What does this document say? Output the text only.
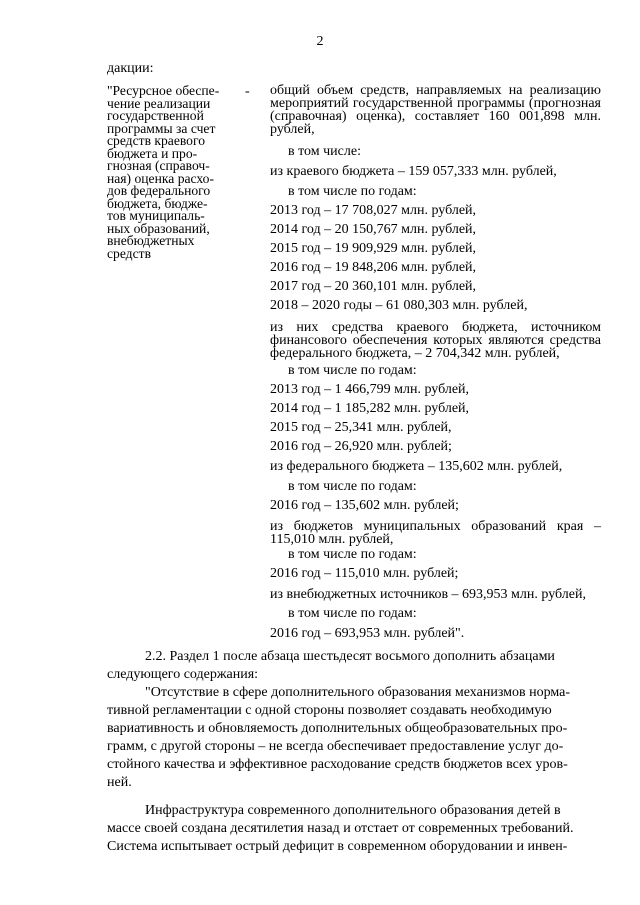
2
дакции:
"Ресурсное обеспе-
чение реализации
государственной
программы за счет
средств краевого
бюджета и про-
гнозная (справоч-
ная) оценка расхо-
дов федерального
бюджета, бюдже-
тов муниципаль-
ных образований,
внебюджетных
средств
- общий объем средств, направляемых на реализацию мероприятий государственной программы (прогнозная (справочная) оценка), составляет 160 001,898 млн. рублей,
в том числе:
из краевого бюджета – 159 057,333 млн. рублей,
в том числе по годам:
2013 год – 17 708,027 млн. рублей,
2014 год – 20 150,767 млн. рублей,
2015 год – 19 909,929 млн. рублей,
2016 год – 19 848,206 млн. рублей,
2017 год – 20 360,101 млн. рублей,
2018 – 2020 годы – 61 080,303 млн. рублей,
из них средства краевого бюджета, источником финансового обеспечения которых являются средства федерального бюджета, – 2 704,342 млн. рублей,
в том числе по годам:
2013 год – 1 466,799 млн. рублей,
2014 год – 1 185,282 млн. рублей,
2015 год – 25,341 млн. рублей,
2016 год – 26,920 млн. рублей;
из федерального бюджета – 135,602 млн. рублей,
в том числе по годам:
2016 год – 135,602 млн. рублей;
из бюджетов муниципальных образований края – 115,010 млн. рублей,
в том числе по годам:
2016 год – 115,010 млн. рублей;
из внебюджетных источников – 693,953 млн. рублей,
в том числе по годам:
2016 год – 693,953 млн. рублей".
2.2. Раздел 1 после абзаца шестьдесят восьмого дополнить абзацами
следующего содержания:
"Отсутствие в сфере дополнительного образования механизмов норма-
тивной регламентации с одной стороны позволяет создавать необходимую
вариативность и обновляемость дополнительных общеобразовательных про-
грамм, с другой стороны – не всегда обеспечивает предоставление услуг до-
стойного качества и эффективное расходование средств бюджетов всех уров-
ней.
Инфраструктура современного дополнительного образования детей в
массе своей создана десятилетия назад и отстает от современных требований.
Система испытывает острый дефицит в современном оборудовании и инвен-
